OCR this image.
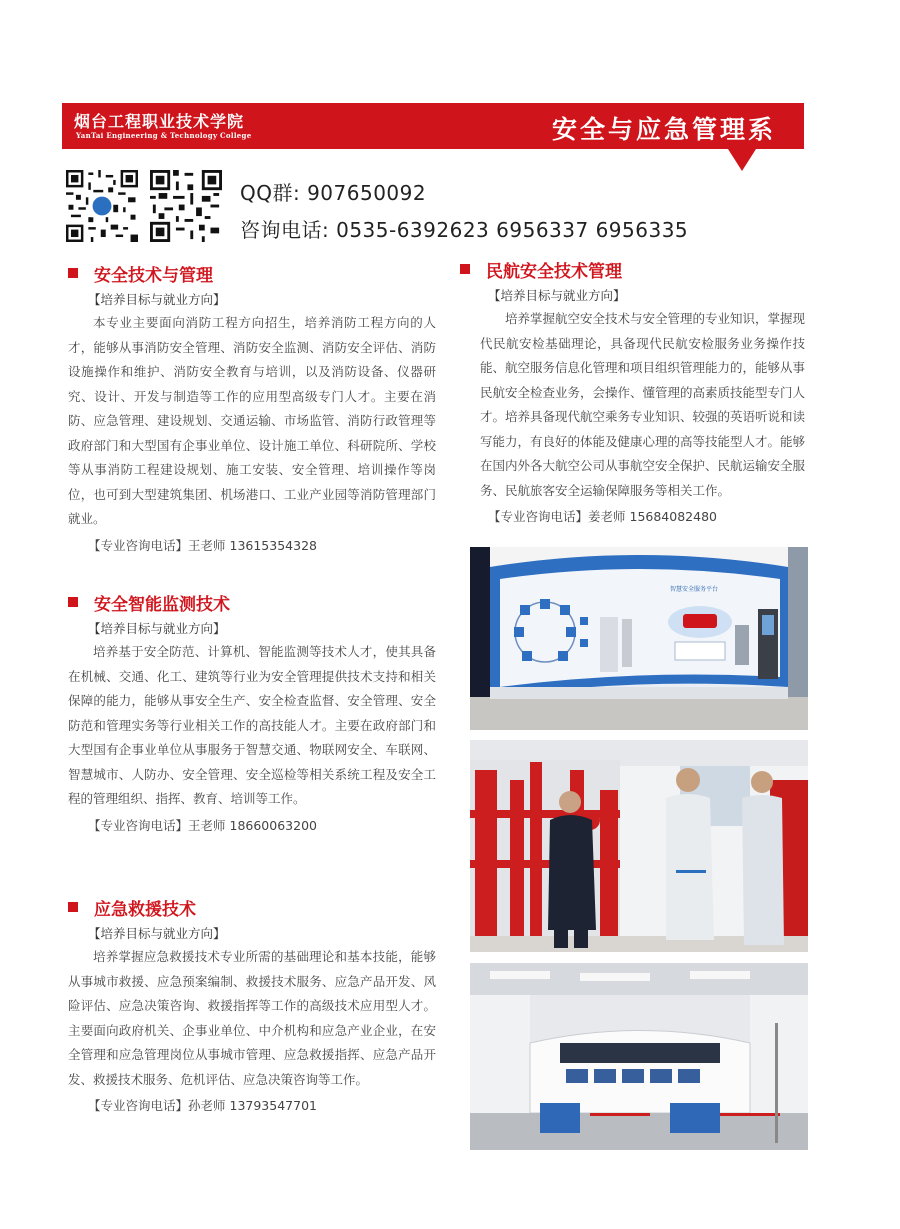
烟台工程职业技术学院
YanTai Engineering & Technology College	安全与应急管理系
QQ群: 907650092
咨询电话: 0535-6392623 6956337 6956335
安全技术与管理
【培养目标与就业方向】

本专业主要面向消防工程方向招生，培养消防工程方向的人才，能够从事消防安全管理、消防安全监测、消防安全评估、消防设施操作和维护、消防安全教育与培训，以及消防设备、仪器研究、设计、开发与制造等工作的应用型高级专门人才。主要在消防、应急管理、建设规划、交通运输、市场监管、消防行政管理等政府部门和大型国有企事业单位、设计施工单位、科研院所、学校等从事消防工程建设规划、施工安装、安全管理、培训操作等岗位，也可到大型建筑集团、机场港口、工业产业园等消防管理部门就业。

【专业咨询电话】王老师 13615354328
安全智能监测技术
【培养目标与就业方向】

培养基于安全防范、计算机、智能监测等技术人才，使其具备在机械、交通、化工、建筑等行业为安全管理提供技术支持和相关保障的能力，能够从事安全生产、安全检查监督、安全管理、安全防范和管理实务等行业相关工作的高技能人才。主要在政府部门和大型国有企事业单位从事服务于智慧交通、物联网安全、车联网、智慧城市、人防办、安全管理、安全巡检等相关系统工程及安全工程的管理组织、指挥、教育、培训等工作。

【专业咨询电话】王老师 18660063200
应急救援技术
【培养目标与就业方向】

培养掌握应急救援技术专业所需的基础理论和基本技能，能够从事城市救援、应急预案编制、救援技术服务、应急产品开发、风险评估、应急决策咨询、救援指挥等工作的高级技术应用型人才。主要面向政府机关、企事业单位、中介机构和应急产业企业，在安全管理和应急管理岗位从事城市管理、应急救援指挥、应急产品开发、救援技术服务、危机评估、应急决策咨询等工作。

【专业咨询电话】孙老师 13793547701
民航安全技术管理
【培养目标与就业方向】

培养掌握航空安全技术与安全管理的专业知识，掌握现代民航安检基础理论，具备现代民航安检服务业务操作技能、航空服务信息化管理和项目组织管理能力的，能够从事民航安全检查业务，会操作、懂管理的高素质技能型专门人才。培养具备现代航空乘务专业知识、较强的英语听说和读写能力，有良好的体能及健康心理的高等技能型人才。能够在国内外各大航空公司从事航空安全保护、民航运输安全服务、民航旅客安全运输保障服务等相关工作。

【专业咨询电话】姜老师 15684082480
智慧安全服务平台
